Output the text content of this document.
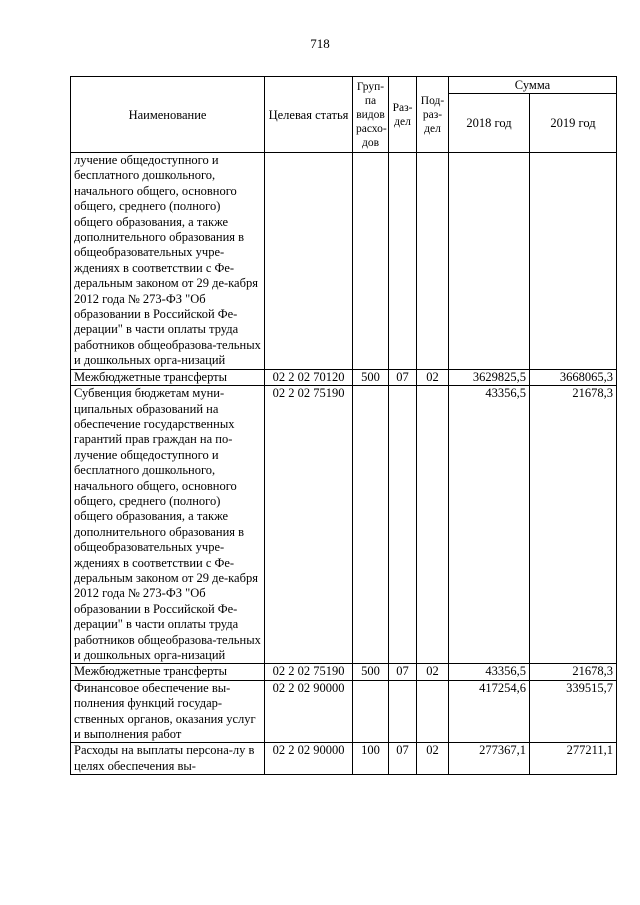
718
Наименование	Целевая статья	Груп-па видов расхо-дов	Раз-дел	Под-раз-дел	Сумма	
					2018 год	2019 год
лучение общедоступного и бесплатного дошкольного, начального общего, основного общего, среднего (полного) общего образования, а также дополнительного образования в общеобразовательных учре-ждениях в соответствии с Фе-деральным законом от 29 де-кабря 2012 года № 273-ФЗ "Об образовании в Российской Фе-дерации" в части оплаты труда работников общеобразова-тельных и дошкольных орга-низаций						
Межбюджетные трансферты	02 2 02 70120	500	07	02	3629825,5	3668065,3
Субвенция бюджетам муни-ципальных образований на обеспечение государственных гарантий прав граждан на по-лучение общедоступного и бесплатного дошкольного, начального общего, основного общего, среднего (полного) общего образования, а также дополнительного образования в общеобразовательных учре-ждениях в соответствии с Фе-деральным законом от 29 де-кабря 2012 года № 273-ФЗ "Об образовании в Российской Фе-дерации" в части оплаты труда работников общеобразова-тельных и дошкольных орга-низаций	02 2 02 75190				43356,5	21678,3
Межбюджетные трансферты	02 2 02 75190	500	07	02	43356,5	21678,3
Финансовое обеспечение вы-полнения функций государ-ственных органов, оказания услуг и выполнения работ	02 2 02 90000				417254,6	339515,7
Расходы на выплаты персона-лу в целях обеспечения вы-	02 2 02 90000	100	07	02	277367,1	277211,1
